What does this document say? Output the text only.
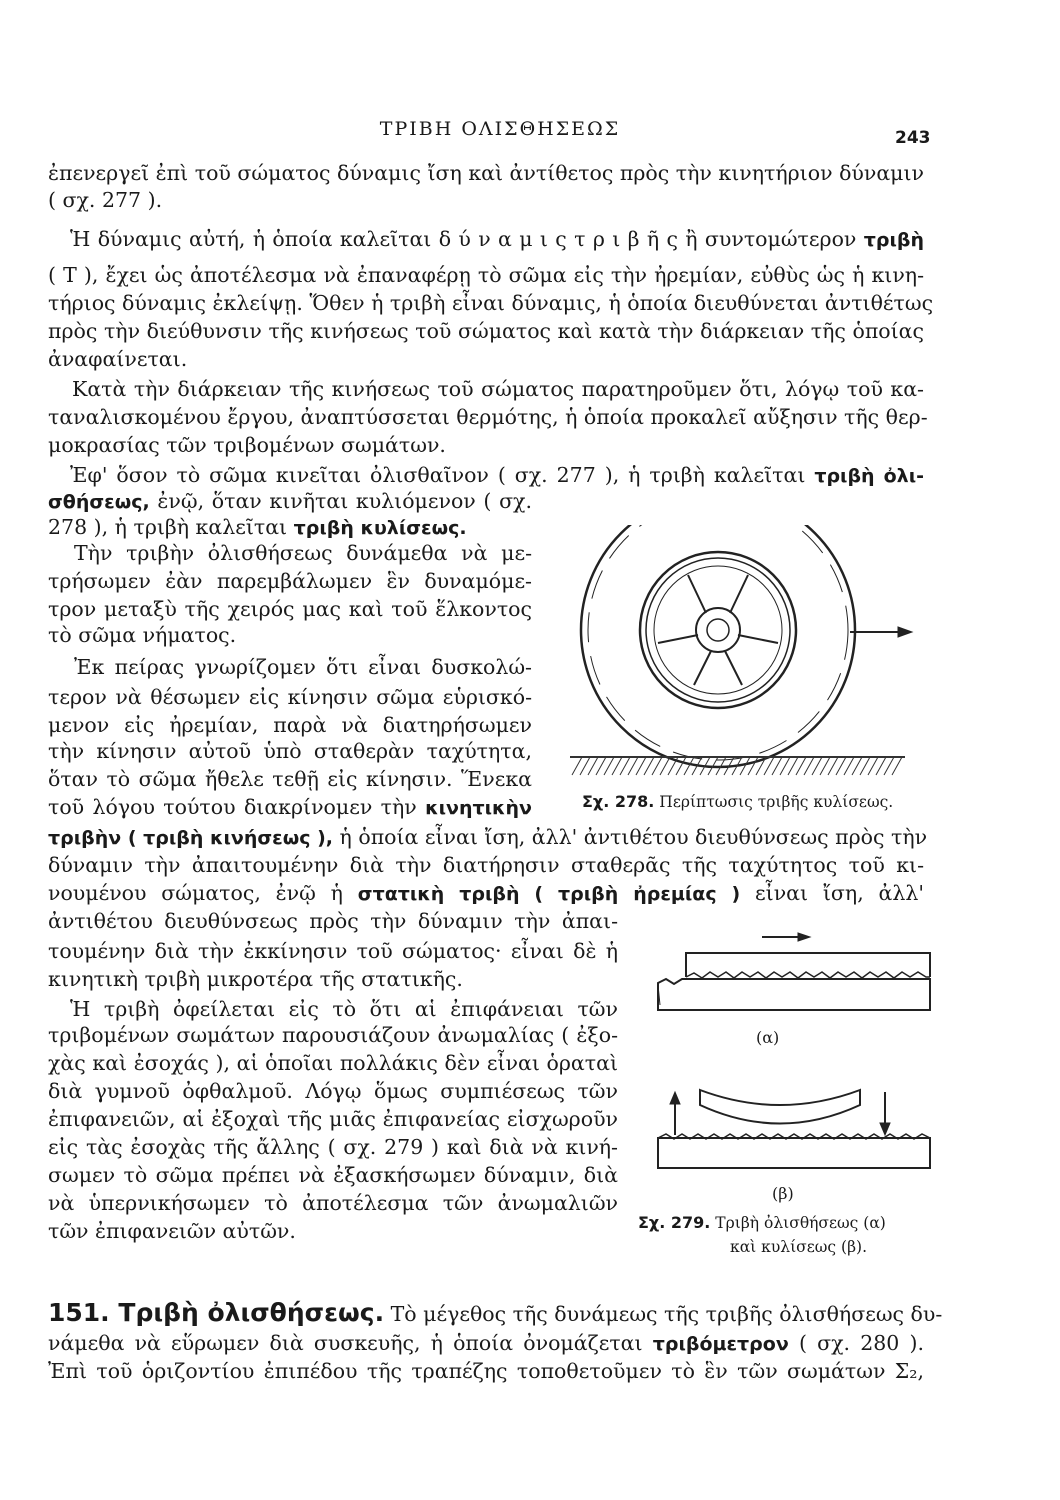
ΤΡΙΒΗ ΟΛΙΣΘΗΣΕΩΣ	243
ἐπενεργεῖ ἐπὶ τοῦ σώματος δύναμις ἴση καὶ ἀντίθετος πρὸς τὴν κινητήριον δύναμιν
( σχ. 277 ).
Ἡ δύναμις αὐτή, ἡ ὁποία καλεῖται δ ύ ν α μ ι ς τ ρ ι β ῆ ς ἢ συντομώτερον τριβὴ
( Τ ), ἔχει ὡς ἀποτέλεσμα νὰ ἐπαναφέρῃ τὸ σῶμα εἰς τὴν ἠρεμίαν, εὐθὺς ὡς ἡ κινη-
τήριος δύναμις ἐκλείψῃ. Ὅθεν ἡ τριβὴ εἶναι δύναμις, ἡ ὁποία διευθύνεται ἀντιθέτως
πρὸς τὴν διεύθυνσιν τῆς κινήσεως τοῦ σώματος καὶ κατὰ τὴν διάρκειαν τῆς ὁποίας
ἀναφαίνεται.
Κατὰ τὴν διάρκειαν τῆς κινήσεως τοῦ σώματος παρατηροῦμεν ὅτι, λόγῳ τοῦ κα-
ταναλισκομένου ἔργου, ἀναπτύσσεται θερμότης, ἡ ὁποία προκαλεῖ αὔξησιν τῆς θερ-
μοκρασίας τῶν τριβομένων σωμάτων.
Ἐφ' ὅσον τὸ σῶμα κινεῖται ὀλισθαῖνον ( σχ. 277 ), ἡ τριβὴ καλεῖται τριβὴ ὀλι-
σθήσεως, ἐνῷ, ὅταν κινῆται κυλιόμενον ( σχ.
278 ), ἡ τριβὴ καλεῖται τριβὴ κυλίσεως.
Τὴν τριβὴν ὀλισθήσεως δυνάμεθα νὰ με-
τρήσωμεν ἐὰν παρεμβάλωμεν ἓν δυναμόμε-
τρον μεταξὺ τῆς χειρός μας καὶ τοῦ ἕλκοντος
τὸ σῶμα νήματος.
Ἐκ πείρας γνωρίζομεν ὅτι εἶναι δυσκολώ-
τερον νὰ θέσωμεν εἰς κίνησιν σῶμα εὑρισκό-
μενον εἰς ἠρεμίαν, παρὰ νὰ διατηρήσωμεν
τὴν κίνησιν αὐτοῦ ὑπὸ σταθερὰν ταχύτητα,
ὅταν τὸ σῶμα ἤθελε τεθῇ εἰς κίνησιν. Ἕνεκα
τοῦ λόγου τούτου διακρίνομεν τὴν κινητικὴν
τριβὴν ( τριβὴ κινήσεως ), ἡ ὁποία εἶναι ἴση, ἀλλ' ἀντιθέτου διευθύνσεως πρὸς τὴν
δύναμιν τὴν ἀπαιτουμένην διὰ τὴν διατήρησιν σταθερᾶς τῆς ταχύτητος τοῦ κι-
νουμένου σώματος, ἐνῷ ἡ στατικὴ τριβὴ ( τριβὴ ἠρεμίας ) εἶναι ἴση, ἀλλ'
ἀντιθέτου διευθύνσεως πρὸς τὴν δύναμιν τὴν ἀπαι-
τουμένην διὰ τὴν ἐκκίνησιν τοῦ σώματος· εἶναι δὲ ἡ
κινητικὴ τριβὴ μικροτέρα τῆς στατικῆς.
Ἡ τριβὴ ὀφείλεται εἰς τὸ ὅτι αἱ ἐπιφάνειαι τῶν
τριβομένων σωμάτων παρουσιάζουν ἀνωμαλίας ( ἐξο-
χὰς καὶ ἐσοχάς ), αἱ ὁποῖαι πολλάκις δὲν εἶναι ὁραταὶ
διὰ γυμνοῦ ὀφθαλμοῦ. Λόγῳ ὅμως συμπιέσεως τῶν
ἐπιφανειῶν, αἱ ἐξοχαὶ τῆς μιᾶς ἐπιφανείας εἰσχωροῦν
εἰς τὰς ἐσοχὰς τῆς ἄλλης ( σχ. 279 ) καὶ διὰ νὰ κινή-
σωμεν τὸ σῶμα πρέπει νὰ ἐξασκήσωμεν δύναμιν, διὰ
νὰ ὑπερνικήσωμεν τὸ ἀποτέλεσμα τῶν ἀνωμαλιῶν
τῶν ἐπιφανειῶν αὐτῶν.
Σχ. 278. Περίπτωσις τριβῆς κυλίσεως.
(α)
(β)
Σχ. 279. Τριβὴ ὀλισθήσεως (α)
καὶ κυλίσεως (β).
151. Τριβὴ ὀλισθήσεως. Τὸ μέγεθος τῆς δυνάμεως τῆς τριβῆς ὀλισθήσεως δυ-
νάμεθα νὰ εὕρωμεν διὰ συσκευῆς, ἡ ὁποία ὀνομάζεται τριβόμετρον ( σχ. 280 ).
Ἐπὶ τοῦ ὁριζοντίου ἐπιπέδου τῆς τραπέζης τοποθετοῦμεν τὸ ἓν τῶν σωμάτων Σ₂,
